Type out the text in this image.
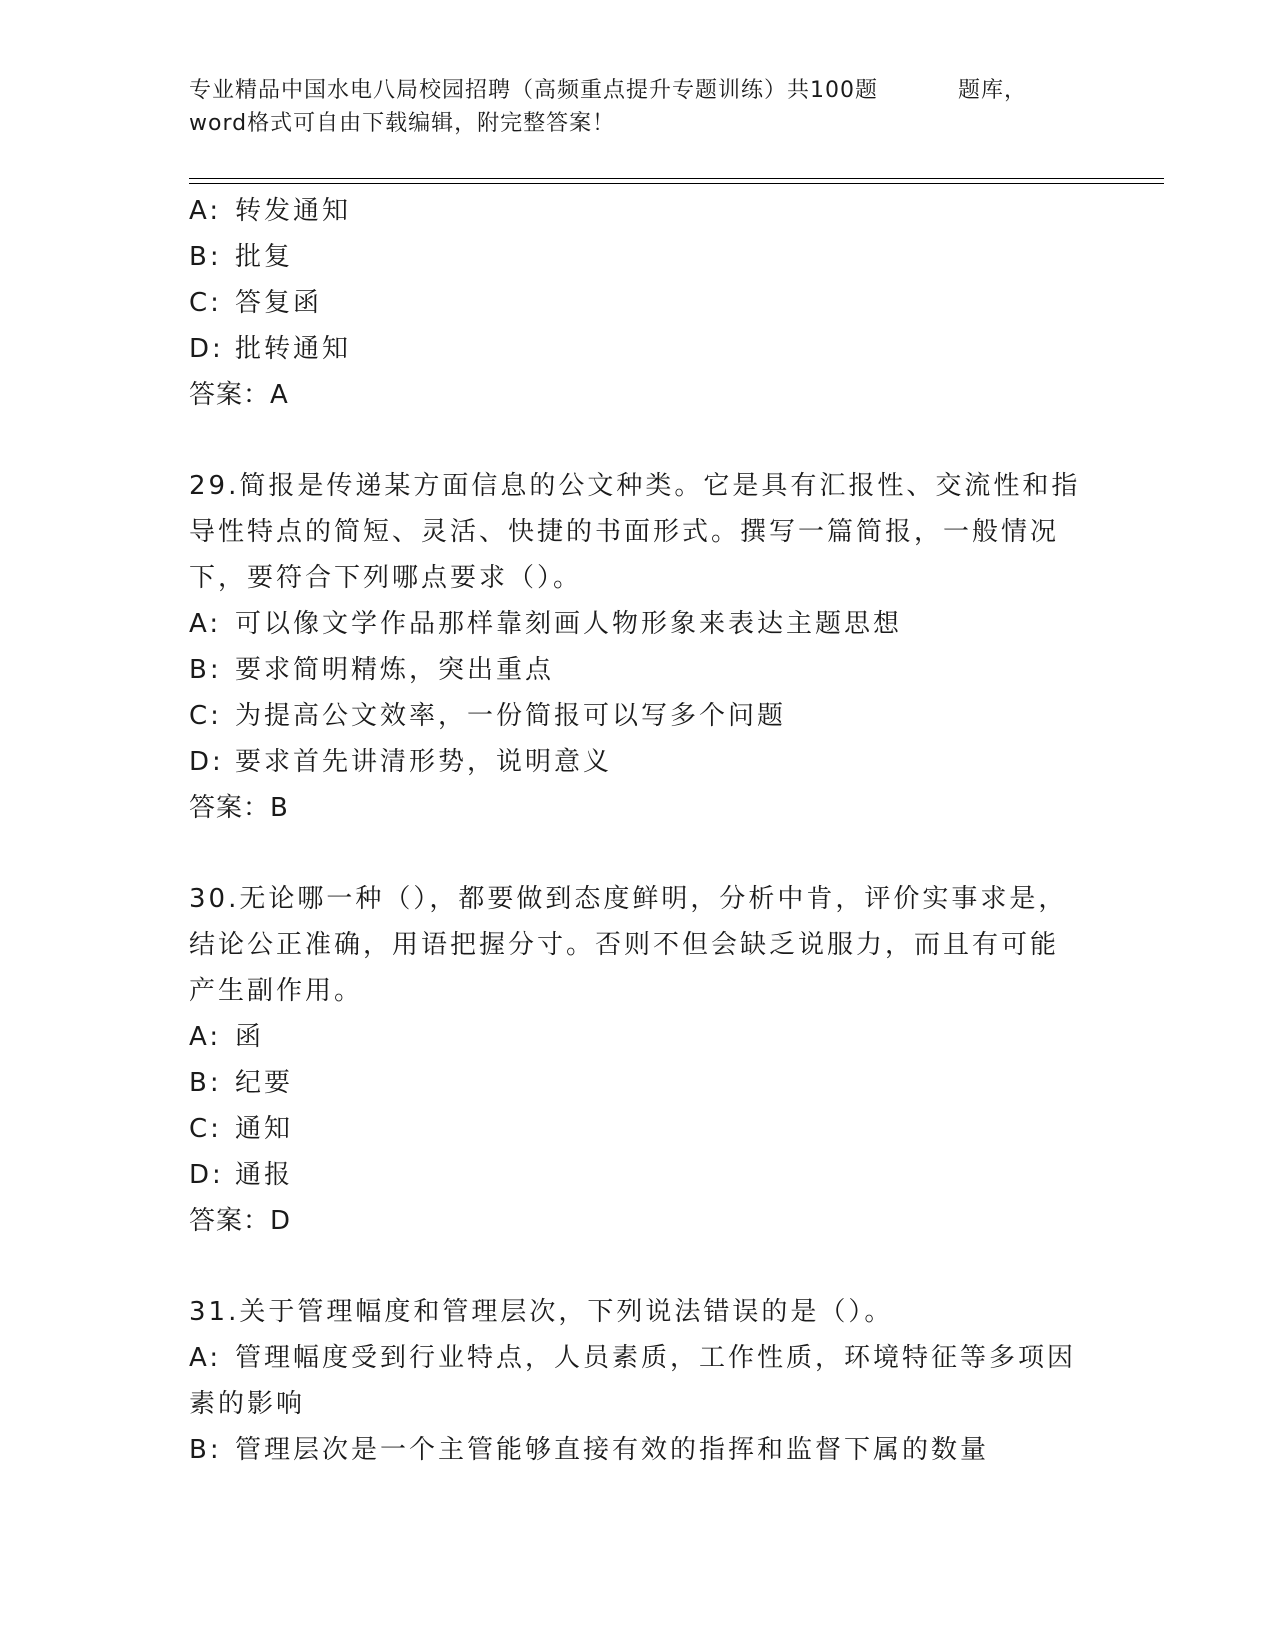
专业精品中国水电八局校园招聘（高频重点提升专题训练）共100题	题库，
word格式可自由下载编辑，附完整答案！
A: 转发通知
B: 批复
C: 答复函
D: 批转通知
答案：A
29.简报是传递某方面信息的公文种类。它是具有汇报性、交流性和指
导性特点的简短、灵活、快捷的书面形式。撰写一篇简报，一般情况
下，要符合下列哪点要求（）。
A: 可以像文学作品那样靠刻画人物形象来表达主题思想
B: 要求简明精炼，突出重点
C: 为提高公文效率，一份简报可以写多个问题
D: 要求首先讲清形势，说明意义
答案：B
30.无论哪一种（），都要做到态度鲜明，分析中肯，评价实事求是，
结论公正准确，用语把握分寸。否则不但会缺乏说服力，而且有可能
产生副作用。
A: 函
B: 纪要
C: 通知
D: 通报
答案：D
31.关于管理幅度和管理层次，下列说法错误的是（）。
A: 管理幅度受到行业特点，人员素质，工作性质，环境特征等多项因
素的影响
B: 管理层次是一个主管能够直接有效的指挥和监督下属的数量
